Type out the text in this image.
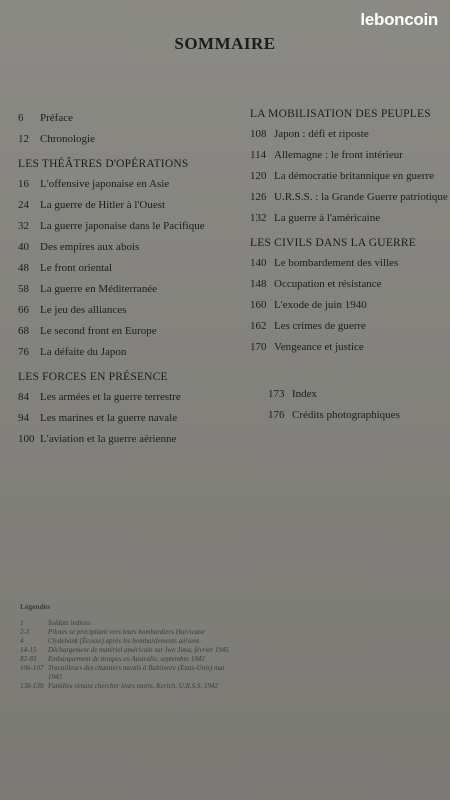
leboncoin
SOMMAIRE
6	Préface
12	Chronologie
LES THÉÂTRES D'OPÉRATIONS
16	L'offensive japonaise en Asie
24	La guerre de Hitler à l'Ouest
32	La guerre japonaise dans le Pacifique
40	Des empires aux abois
48	Le front oriental
58	La guerre en Méditerranée
66	Le jeu des alliances
68	Le second front en Europe
76	La défaite du Japon
LES FORCES EN PRÉSENCE
84	Les armées et la guerre terrestre
94	Les marines et la guerre navale
100 L'aviation et la guerre aérienne
LA MOBILISATION DES PEUPLES
108 Japon : défi et riposte
114 Allemagne : le front intérieur
120 La démocratie britannique en guerre
126 U.R.S.S. : la Grande Guerre patriotique
132 La guerre à l'américaine
LES CIVILS DANS LA GUERRE
140 Le bombardement des villes
148 Occupation et résistance
160 L'exode de juin 1940
162 Les crimes de guerre
170 Vengeance et justice
173 Index
176 Crédits photographiques
Légendes
1	Soldats indiens
2-3	Pilotes se précipitant vers leurs bombardiers Hurricane
4	Clydebank (Écosse) après les bombardements aériens
14-15	Déchargement de matériel américain sur Iwo Jima, février 1945
82-83	Embarquement de troupes en Australie, septembre 1942
106-107 Travailleurs des chantiers navals à Baltimore (États-Unis) mai 1943
138-139 Familles venant chercher leurs morts, Kertch, U.R.S.S. 1942
